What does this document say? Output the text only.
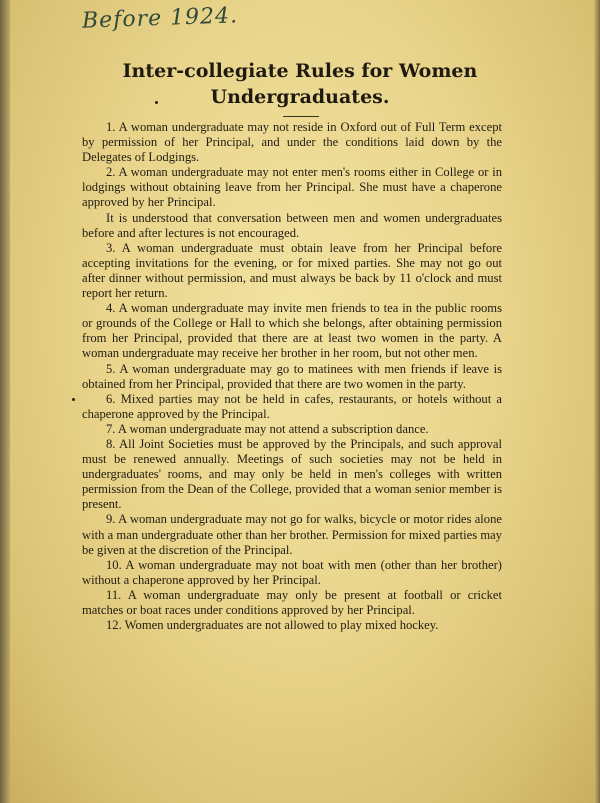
Before 1924.
Inter-collegiate Rules for Women
Undergraduates.

1. A woman undergraduate may not reside in Oxford out of Full Term except by permission of her Principal, and under the conditions laid down by the Delegates of Lodgings.

2. A woman undergraduate may not enter men's rooms either in College or in lodgings without obtaining leave from her Principal. She must have a chaperone approved by her Principal.

It is understood that conversation between men and women undergraduates before and after lectures is not encouraged.

3. A woman undergraduate must obtain leave from her Principal before accepting invitations for the evening, or for mixed parties. She may not go out after dinner without permission, and must always be back by 11 o'clock and must report her return.

4. A woman undergraduate may invite men friends to tea in the public rooms or grounds of the College or Hall to which she belongs, after obtaining permission from her Principal, provided that there are at least two women in the party. A woman undergraduate may receive her brother in her room, but not other men.

5. A woman undergraduate may go to matinees with men friends if leave is obtained from her Principal, provided that there are two women in the party.

6. Mixed parties may not be held in cafes, restaurants, or hotels without a chaperone approved by the Principal.

7. A woman undergraduate may not attend a subscription dance.

8. All Joint Societies must be approved by the Principals, and such approval must be renewed annually. Meetings of such societies may not be held in undergraduates' rooms, and may only be held in men's colleges with written permission from the Dean of the College, provided that a woman senior member is present.

9. A woman undergraduate may not go for walks, bicycle or motor rides alone with a man undergraduate other than her brother. Permission for mixed parties may be given at the discretion of the Principal.

10. A woman undergraduate may not boat with men (other than her brother) without a chaperone approved by her Principal.

11. A woman undergraduate may only be present at football or cricket matches or boat races under conditions approved by her Principal.

12. Women undergraduates are not allowed to play mixed hockey.
